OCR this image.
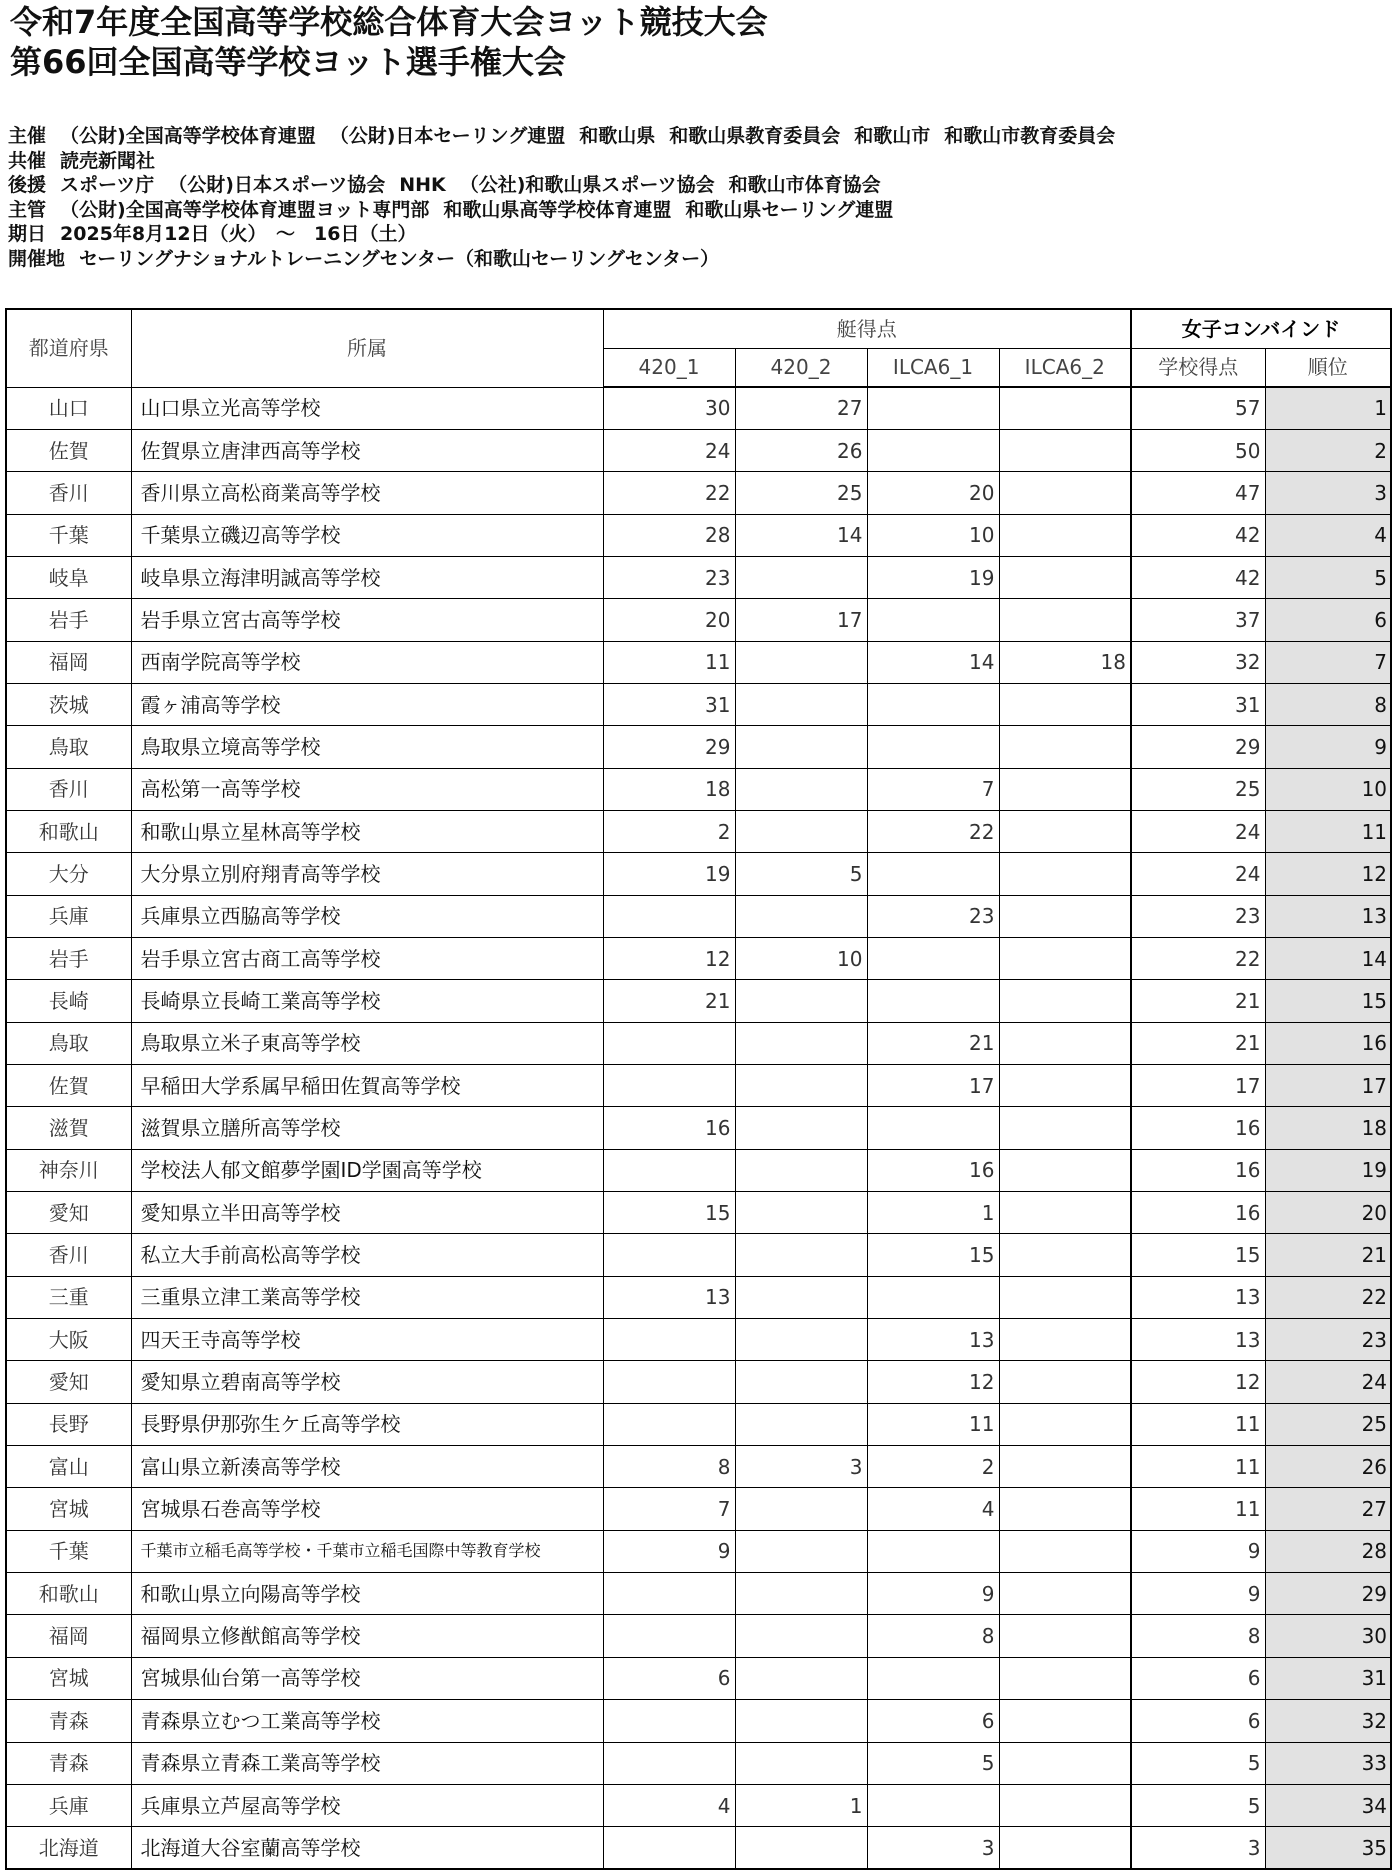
令和7年度全国高等学校総合体育大会ヨット競技大会
第66回全国高等学校ヨット選手権大会
主催 （公財)全国高等学校体育連盟 （公財)日本セーリング連盟 和歌山県 和歌山県教育委員会 和歌山市 和歌山市教育委員会
共催 読売新聞社
後援 スポーツ庁 （公財)日本スポーツ協会 NHK （公社)和歌山県スポーツ協会 和歌山市体育協会
主管 （公財)全国高等学校体育連盟ヨット専門部 和歌山県高等学校体育連盟 和歌山県セーリング連盟
期日 2025年8月12日（火）　～　16日（土）
開催地 セーリングナショナルトレーニングセンター（和歌山セーリングセンター）
都道府県	所属	艇得点				女子コンバインド	
		420_1	420_2	ILCA6_1	ILCA6_2	学校得点	順位
山口	山口県立光高等学校	30	27			57	1
佐賀	佐賀県立唐津西高等学校	24	26			50	2
香川	香川県立高松商業高等学校	22	25	20		47	3
千葉	千葉県立磯辺高等学校	28	14	10		42	4
岐阜	岐阜県立海津明誠高等学校	23		19		42	5
岩手	岩手県立宮古高等学校	20	17			37	6
福岡	西南学院高等学校	11		14	18	32	7
茨城	霞ヶ浦高等学校	31				31	8
鳥取	鳥取県立境高等学校	29				29	9
香川	高松第一高等学校	18		7		25	10
和歌山	和歌山県立星林高等学校	2		22		24	11
大分	大分県立別府翔青高等学校	19	5			24	12
兵庫	兵庫県立西脇高等学校			23		23	13
岩手	岩手県立宮古商工高等学校	12	10			22	14
長崎	長崎県立長崎工業高等学校	21				21	15
鳥取	鳥取県立米子東高等学校			21		21	16
佐賀	早稲田大学系属早稲田佐賀高等学校			17		17	17
滋賀	滋賀県立膳所高等学校	16				16	18
神奈川	学校法人郁文館夢学園ID学園高等学校			16		16	19
愛知	愛知県立半田高等学校	15		1		16	20
香川	私立大手前高松高等学校			15		15	21
三重	三重県立津工業高等学校	13				13	22
大阪	四天王寺高等学校			13		13	23
愛知	愛知県立碧南高等学校			12		12	24
長野	長野県伊那弥生ケ丘高等学校			11		11	25
富山	富山県立新湊高等学校	8	3	2		11	26
宮城	宮城県石巻高等学校	7		4		11	27
千葉	千葉市立稲毛高等学校・千葉市立稲毛国際中等教育学校	9				9	28
和歌山	和歌山県立向陽高等学校			9		9	29
福岡	福岡県立修猷館高等学校			8		8	30
宮城	宮城県仙台第一高等学校	6				6	31
青森	青森県立むつ工業高等学校			6		6	32
青森	青森県立青森工業高等学校			5		5	33
兵庫	兵庫県立芦屋高等学校	4	1			5	34
北海道	北海道大谷室蘭高等学校			3		3	35
